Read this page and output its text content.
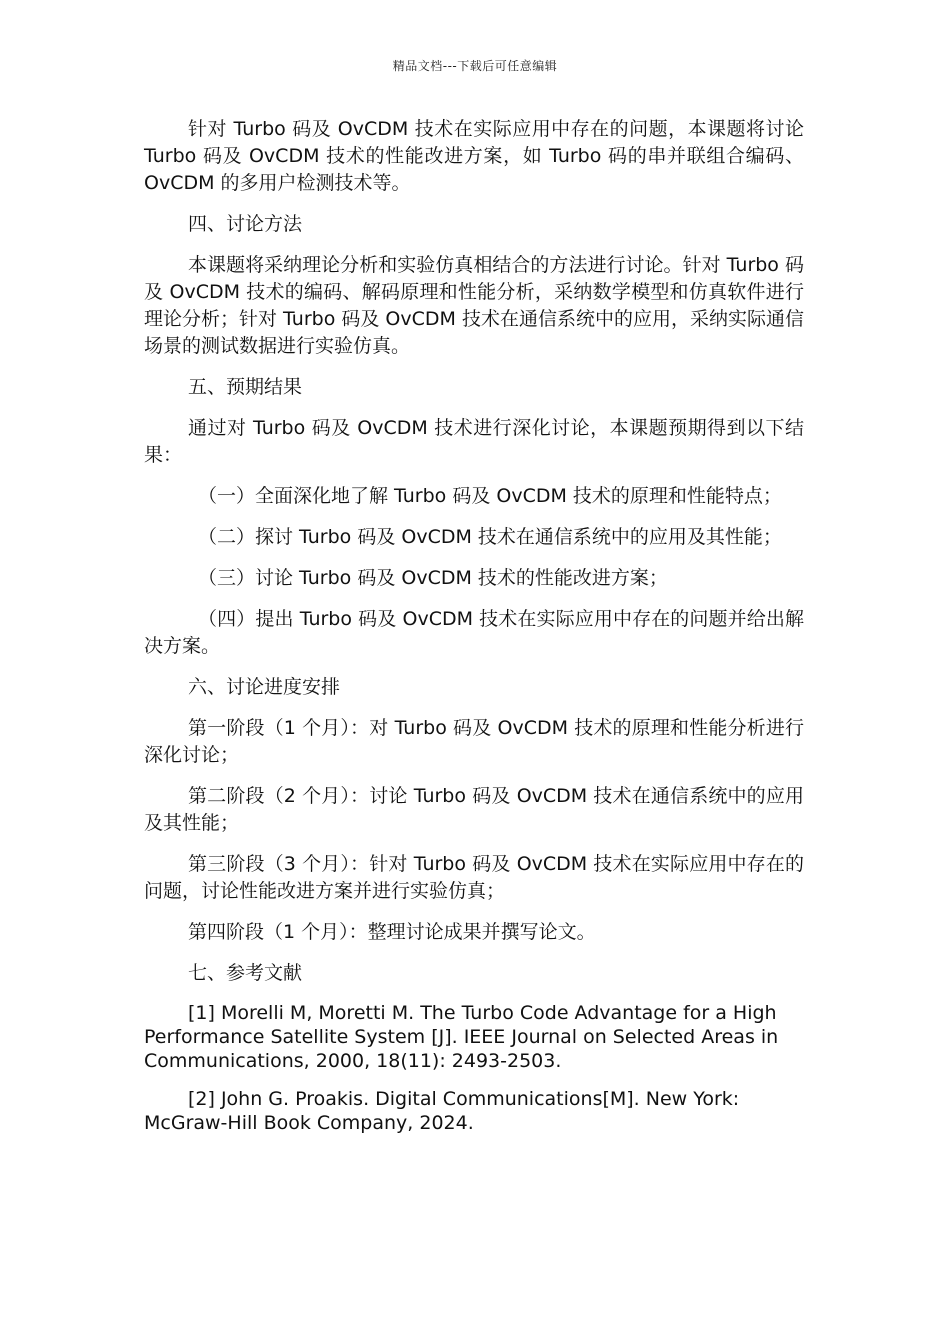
精品文档---下载后可任意编辑

针对 Turbo 码及 OvCDM 技术在实际应用中存在的问题，本课题将讨论 Turbo 码及 OvCDM 技术的性能改进方案，如 Turbo 码的串并联组合编码、OvCDM 的多用户检测技术等。

四、讨论方法

本课题将采纳理论分析和实验仿真相结合的方法进行讨论。针对 Turbo 码及 OvCDM 技术的编码、解码原理和性能分析，采纳数学模型和仿真软件进行理论分析；针对 Turbo 码及 OvCDM 技术在通信系统中的应用，采纳实际通信场景的测试数据进行实验仿真。

五、预期结果

通过对 Turbo 码及 OvCDM 技术进行深化讨论，本课题预期得到以下结果：

（一）全面深化地了解 Turbo 码及 OvCDM 技术的原理和性能特点；

（二）探讨 Turbo 码及 OvCDM 技术在通信系统中的应用及其性能；

（三）讨论 Turbo 码及 OvCDM 技术的性能改进方案；

（四）提出 Turbo 码及 OvCDM 技术在实际应用中存在的问题并给出解决方案。

六、讨论进度安排

第一阶段（1 个月）：对 Turbo 码及 OvCDM 技术的原理和性能分析进行深化讨论；

第二阶段（2 个月）：讨论 Turbo 码及 OvCDM 技术在通信系统中的应用及其性能；

第三阶段（3 个月）：针对 Turbo 码及 OvCDM 技术在实际应用中存在的问题，讨论性能改进方案并进行实验仿真；

第四阶段（1 个月）：整理讨论成果并撰写论文。

七、参考文献

[1] Morelli M, Moretti M. The Turbo Code Advantage for a High Performance Satellite System [J]. IEEE Journal on Selected Areas in Communications, 2000, 18(11): 2493-2503.

[2] John G. Proakis. Digital Communications[M]. New York: McGraw-Hill Book Company, 2024.
